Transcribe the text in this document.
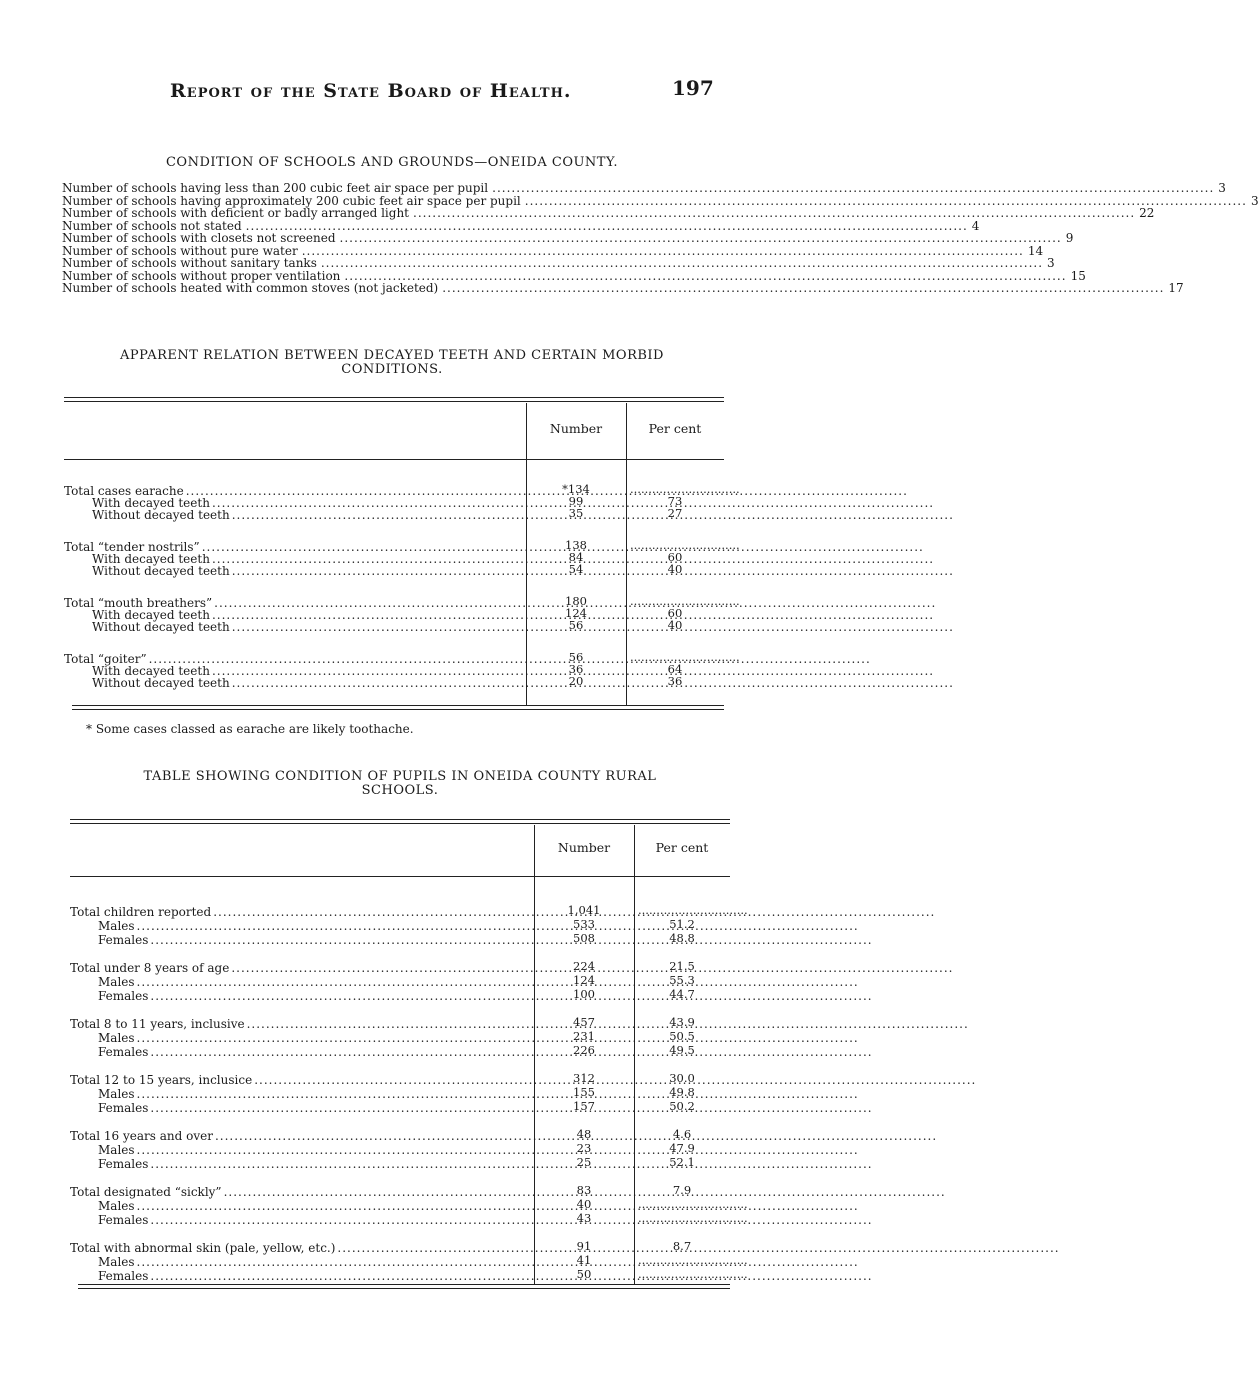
Report of the State Board of Health.	197
CONDITION OF SCHOOLS AND GROUNDS—ONEIDA COUNTY.
Number of schools having less than 200 cubic feet air space per pupil .....	3
Number of schools having approximately 200 cubic feet air space per pupil .....	3
Number of schools with deficient or badly arranged light .....	22
Number of schools not stated .....	4
Number of schools with closets not screened .....	9
Number of schools without pure water .....	14
Number of schools without sanitary tanks .....	3
Number of schools without proper ventilation .....	15
Number of schools heated with common stoves (not jacketed) .....	17
APPARENT RELATION BETWEEN DECAYED TEETH AND CERTAIN MORBID
CONDITIONS.
* Some cases classed as earache are likely toothache.
TABLE SHOWING CONDITION OF PUPILS IN ONEIDA COUNTY RURAL
SCHOOLS.
Number	Per cent
Total cases earache .....	*134	..............................
With decayed teeth .....	99	73
Without decayed teeth .....	35	27
Total “tender nostrils” .....	138	..............................
With decayed teeth .....	84	60
Without decayed teeth .....	54	40
Total “mouth breathers” .....	180	..............................
With decayed teeth .....	124	60
Without decayed teeth .....	56	40
Total “goiter” .....	56	..............................
With decayed teeth .....	36	64
Without decayed teeth .....	20	36
Number	Per cent
Total children reported .....	1,041	..............................
Males .....	533	51.2
Females .....	508	48.8
Total under 8 years of age .....	224	21.5
Males .....	124	55.3
Females .....	100	44.7
Total 8 to 11 years, inclusive .....	457	43.9
Males .....	231	50.5
Females .....	226	49.5
Total 12 to 15 years, inclusice .....	312	30.0
Males .....	155	49.8
Females .....	157	50.2
Total 16 years and over .....	48	4.6
Males .....	23	47.9
Females .....	25	52.1
Total designated “sickly” .....	83	7.9
Males .....	40	..............................
Females .....	43	..............................
Total with abnormal skin (pale, yellow, etc.) .....	91	8.7
Males .....	41	..............................
Females .....	50	..............................
